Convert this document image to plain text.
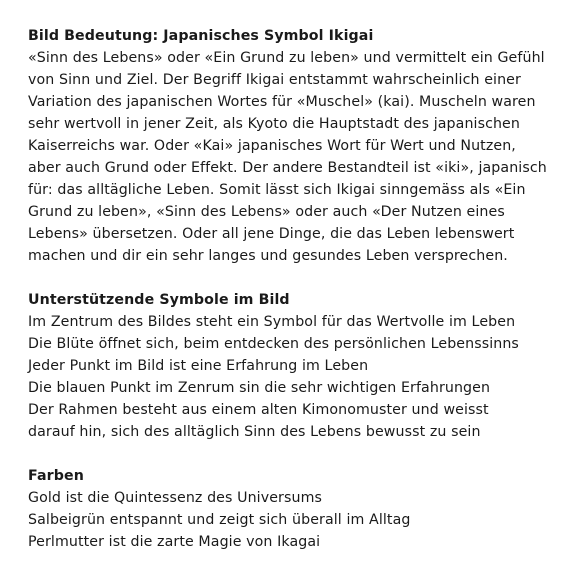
Bild Bedeutung: Japanisches Symbol Ikigai
«Sinn des Lebens» oder «Ein Grund zu leben» und vermittelt ein Gefühl
von Sinn und Ziel. Der Begriff Ikigai entstammt wahrscheinlich einer
Variation des japanischen Wortes für «Muschel» (kai). Muscheln waren
sehr wertvoll in jener Zeit, als Kyoto die Hauptstadt des japanischen
Kaiserreichs war. Oder «Kai» japanisches Wort für Wert und Nutzen,
aber auch Grund oder Effekt. Der andere Bestandteil ist «iki», japanisch
für: das alltägliche Leben. Somit lässt sich Ikigai sinngemäss als «Ein
Grund zu leben», «Sinn des Lebens» oder auch «Der Nutzen eines
Lebens» übersetzen. Oder all jene Dinge, die das Leben lebenswert
machen und dir ein sehr langes und gesundes Leben versprechen.
Unterstützende Symbole im Bild
Im Zentrum des Bildes steht ein Symbol für das Wertvolle im Leben
Die Blüte öffnet sich, beim entdecken des persönlichen Lebenssinns
Jeder Punkt im Bild ist eine Erfahrung im Leben
Die blauen Punkt im Zenrum sin die sehr wichtigen Erfahrungen
Der Rahmen besteht aus einem alten Kimonomuster und weisst
darauf hin, sich des alltäglich Sinn des Lebens bewusst zu sein
Farben
Gold ist die Quintessenz des Universums
Salbeigrün entspannt und zeigt sich überall im Alltag
Perlmutter ist die zarte Magie von Ikagai
